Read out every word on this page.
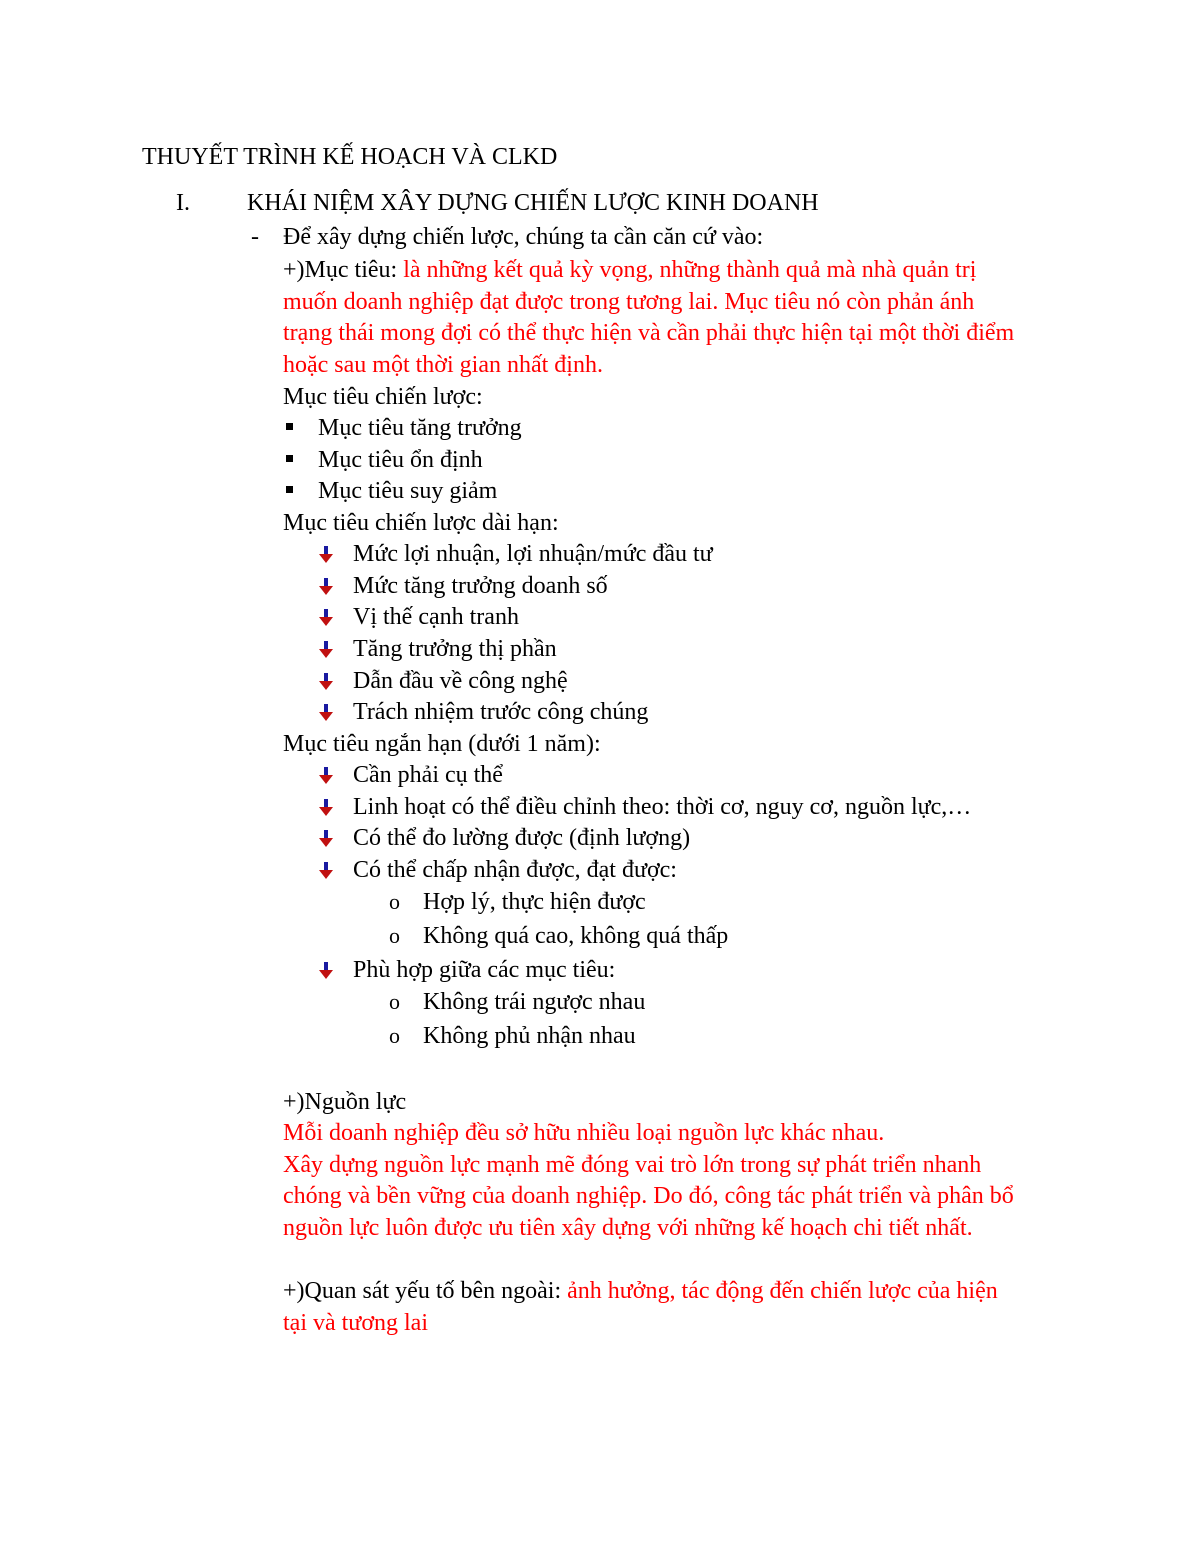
THUYẾT TRÌNH KẾ HOẠCH VÀ CLKD
I. KHÁI NIỆM XÂY DỰNG CHIẾN LƯỢC KINH DOANH
- Để xây dựng chiến lược, chúng ta cần căn cứ vào:
+)Mục tiêu: là những kết quả kỳ vọng, những thành quả mà nhà quản trị
muốn doanh nghiệp đạt được trong tương lai. Mục tiêu nó còn phản ánh
trạng thái mong đợi có thể thực hiện và cần phải thực hiện tại một thời điểm
hoặc sau một thời gian nhất định.
Mục tiêu chiến lược:
Mục tiêu tăng trưởng
Mục tiêu ổn định
Mục tiêu suy giảm
Mục tiêu chiến lược dài hạn:
Mức lợi nhuận, lợi nhuận/mức đầu tư
Mức tăng trưởng doanh số
Vị thế cạnh tranh
Tăng trưởng thị phần
Dẫn đầu về công nghệ
Trách nhiệm trước công chúng
Mục tiêu ngắn hạn (dưới 1 năm):
Cần phải cụ thể
Linh hoạt có thể điều chỉnh theo: thời cơ, nguy cơ, nguồn lực,…
Có thể đo lường được (định lượng)
Có thể chấp nhận được, đạt được:
o Hợp lý, thực hiện được
o Không quá cao, không quá thấp
Phù hợp giữa các mục tiêu:
o Không trái ngược nhau
o Không phủ nhận nhau
+)Nguồn lực
Mỗi doanh nghiệp đều sở hữu nhiều loại nguồn lực khác nhau.
Xây dựng nguồn lực mạnh mẽ đóng vai trò lớn trong sự phát triển nhanh
chóng và bền vững của doanh nghiệp. Do đó, công tác phát triển và phân bổ
nguồn lực luôn được ưu tiên xây dựng với những kế hoạch chi tiết nhất.
+)Quan sát yếu tố bên ngoài: ảnh hưởng, tác động đến chiến lược của hiện
tại và tương lai
